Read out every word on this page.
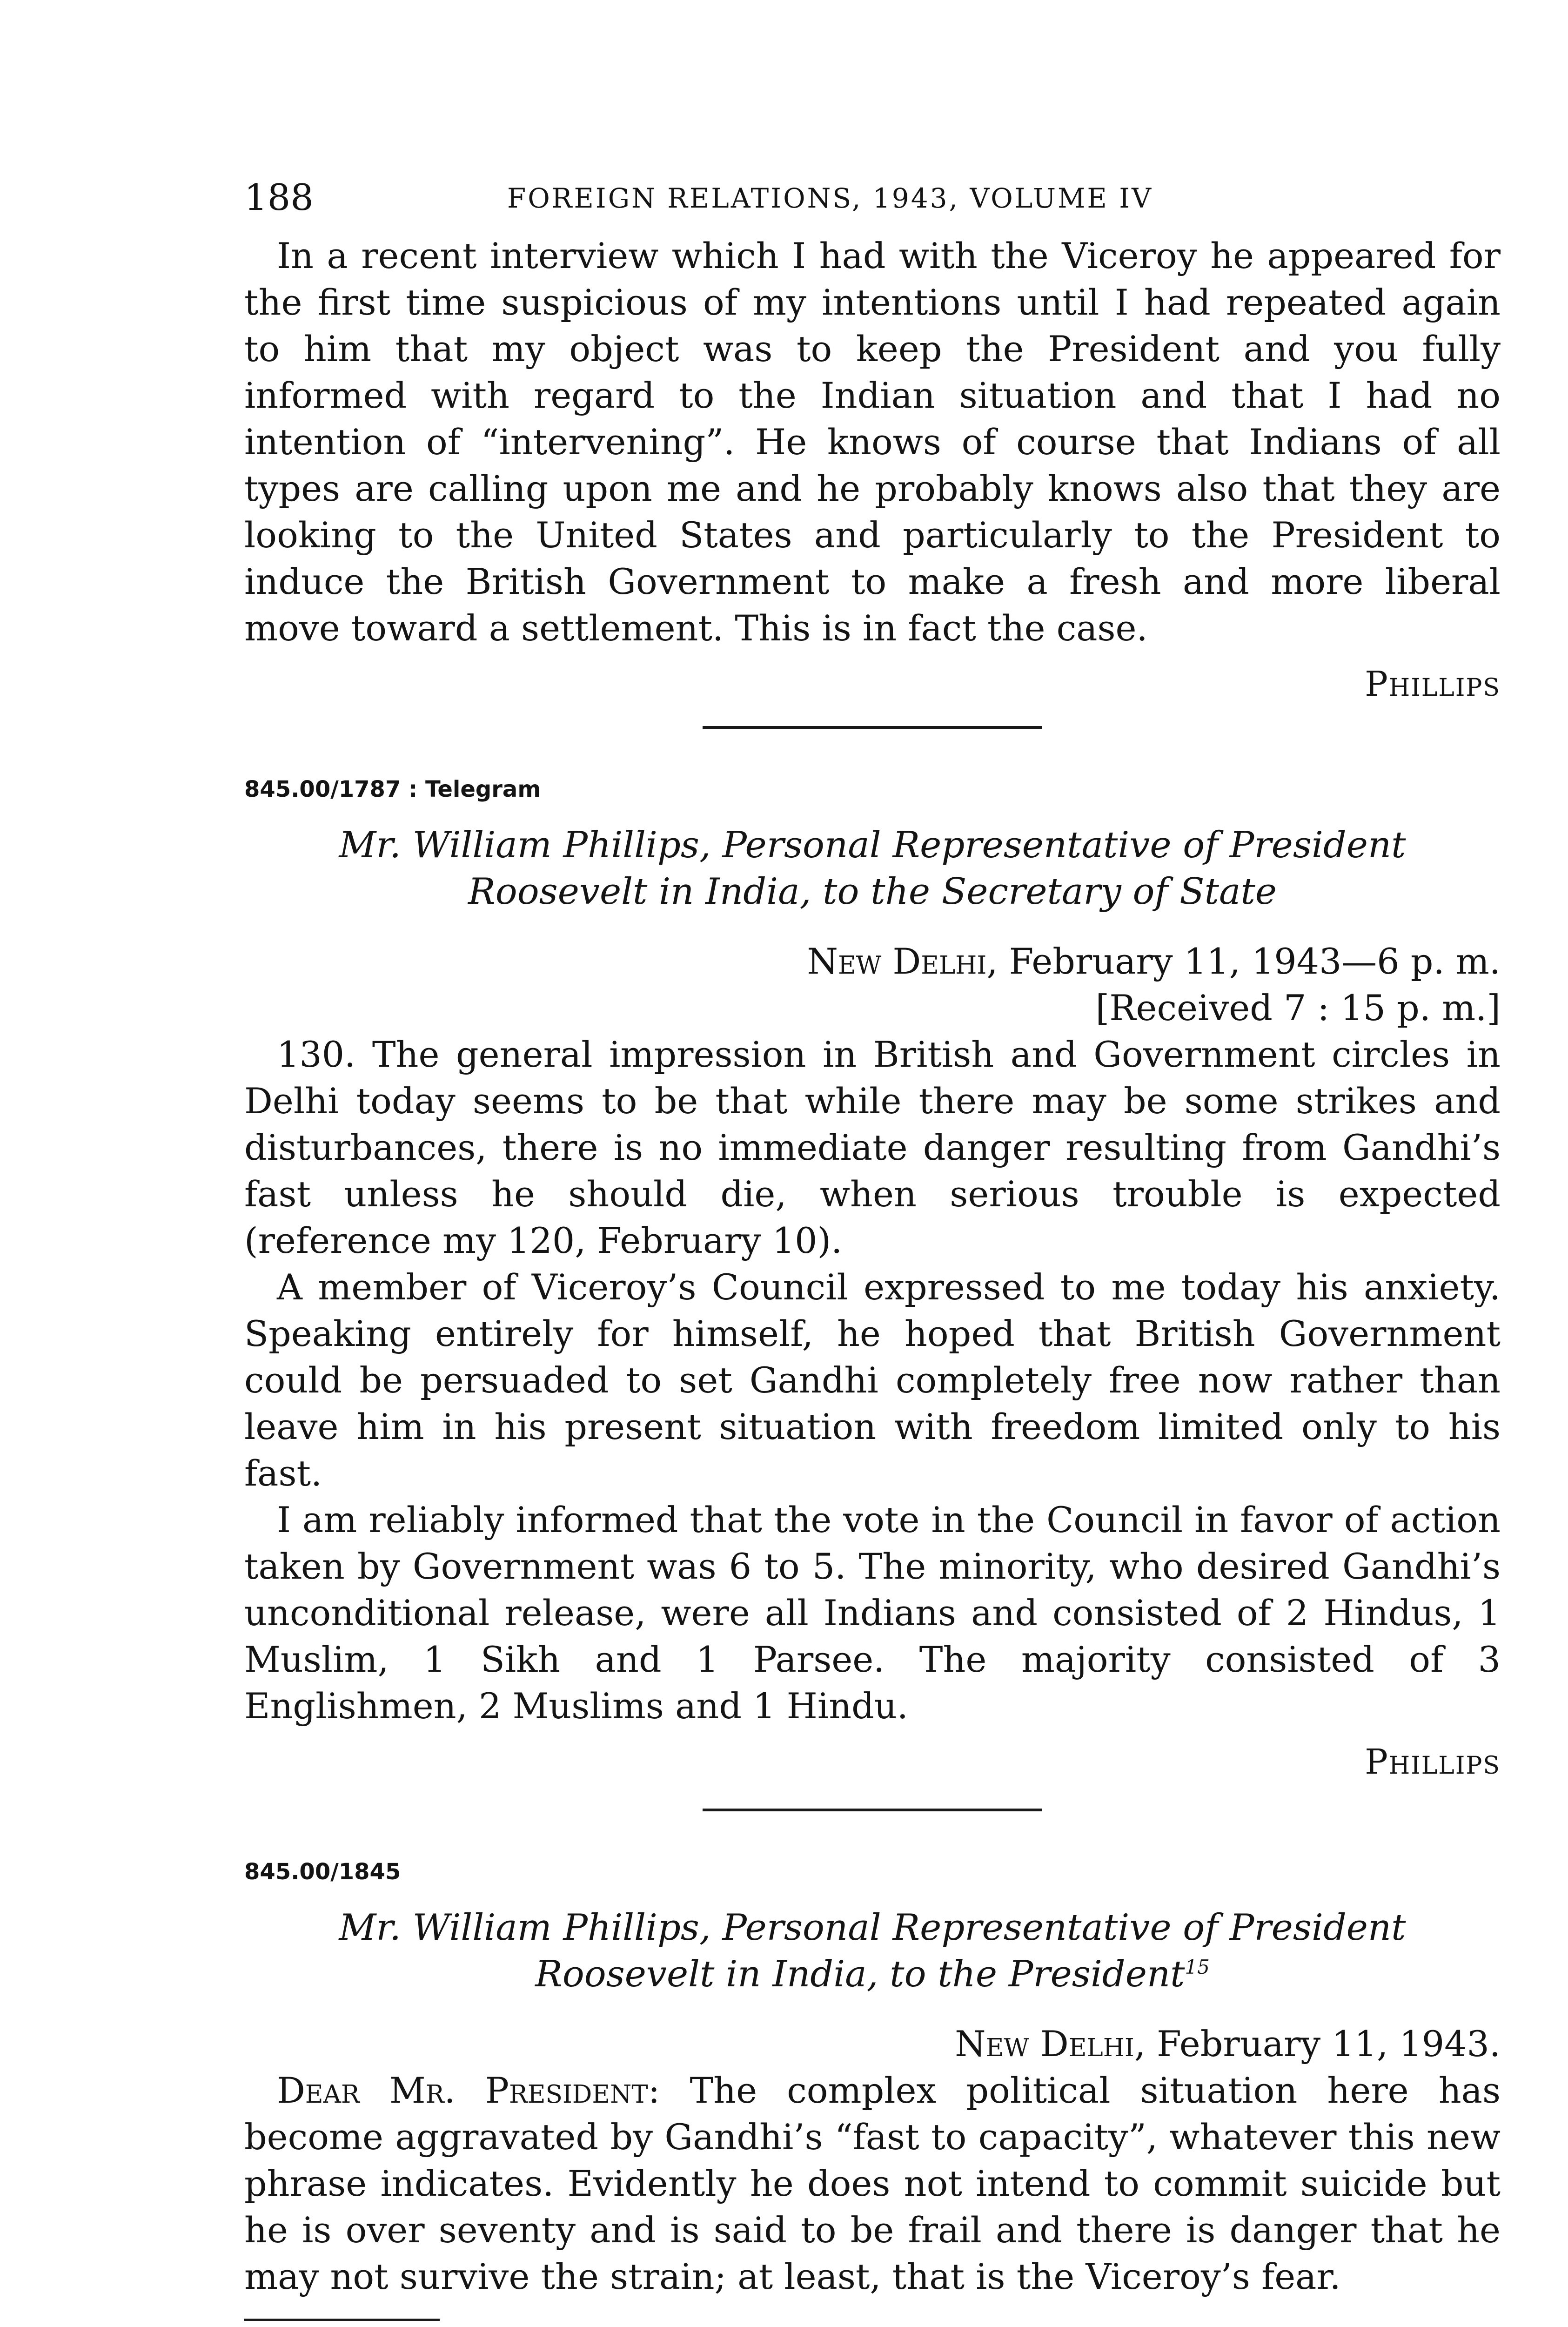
188	FOREIGN RELATIONS, 1943, VOLUME IV

In a recent interview which I had with the Viceroy he appeared for the first time suspicious of my intentions until I had repeated again to him that my object was to keep the President and you fully informed with regard to the Indian situation and that I had no intention of “intervening”. He knows of course that Indians of all types are calling upon me and he probably knows also that they are looking to the United States and particularly to the President to induce the British Government to make a fresh and more liberal move toward a settlement. This is in fact the case.

Phillips
845.00/1787 : Telegram
Mr. William Phillips, Personal Representative of President Roosevelt in India, to the Secretary of State
New Delhi, February 11, 1943—6 p. m.
[Received 7 : 15 p. m.]

130. The general impression in British and Government circles in Delhi today seems to be that while there may be some strikes and disturbances, there is no immediate danger resulting from Gandhi’s fast unless he should die, when serious trouble is expected (reference my 120, February 10).

A member of Viceroy’s Council expressed to me today his anxiety. Speaking entirely for himself, he hoped that British Government could be persuaded to set Gandhi completely free now rather than leave him in his present situation with freedom limited only to his fast.

I am reliably informed that the vote in the Council in favor of action taken by Government was 6 to 5. The minority, who desired Gandhi’s unconditional release, were all Indians and consisted of 2 Hindus, 1 Muslim, 1 Sikh and 1 Parsee. The majority consisted of 3 Englishmen, 2 Muslims and 1 Hindu.

Phillips
845.00/1845
Mr. William Phillips, Personal Representative of President Roosevelt in India, to the President$^{15}$
New Delhi, February 11, 1943.

Dear Mr. President: The complex political situation here has become aggravated by Gandhi’s “fast to capacity”, whatever this new phrase indicates. Evidently he does not intend to commit suicide but he is over seventy and is said to be frail and there is danger that he may not survive the strain; at least, that is the Viceroy’s fear.
